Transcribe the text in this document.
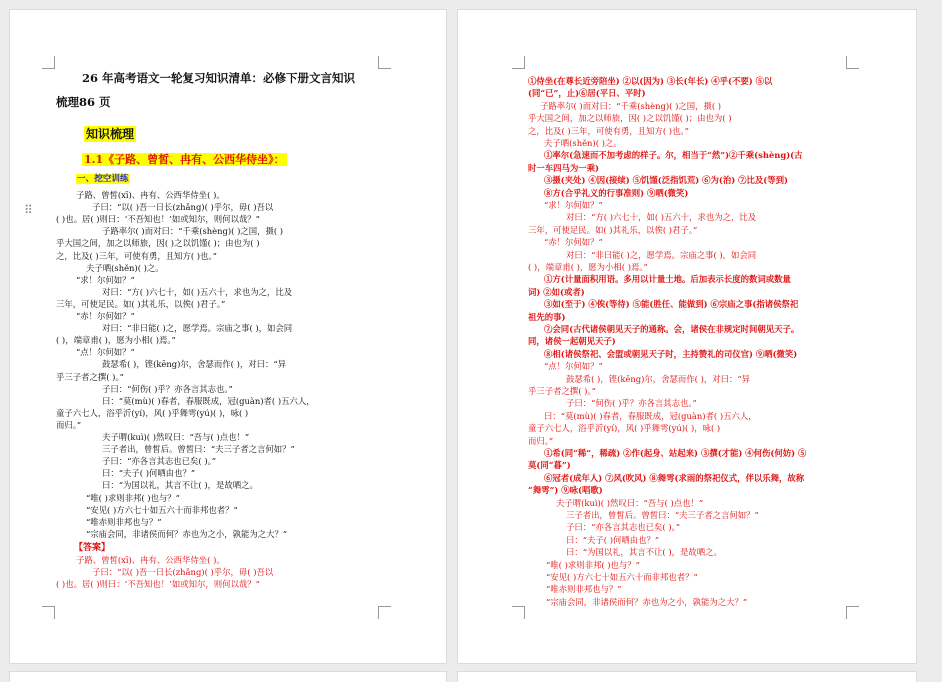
26 年高考语文一轮复习知识清单：必修下册文言知识
梳理86 页
知识梳理
1.1《子路、曾皙、冉有、公西华侍坐》：
一、挖空训练
子路、曾皙(xī)、冉有、公西华侍坐( )。
子曰：“以( )吾一日长(zhǎng)( )乎尔，毋( )吾以
( )也。居( )则曰：‘不吾知也！’如或知尔，则何以哉？”
子路率尔( )而对曰：“千乘(shèng)( )之国，摄( )
乎大国之间，加之以师旅，因( )之以饥馑( )；由也为( )
之，比及( )三年，可使有勇，且知方( )也。”
夫子哂(shěn)( )之。
“求！尔何如？”
对曰：“方( )六七十，如( )五六十，求也为之，比及
三年，可使足民。如( )其礼乐，以俟( )君子。”
“赤！尔何如？”
对曰：“非曰能( )之，愿学焉。宗庙之事( )，如会同
( )，端章甫( )，愿为小相( )焉。”
“点！尔何如？”
鼓瑟希( )，铿(kēng)尔，舍瑟而作( )，对曰：“异
乎三子者之撰( )。”
子曰：“何伤( )乎？亦各言其志也。”
曰：“莫(mù)( )春者，春服既成，冠(guàn)者( )五六人，
童子六七人，浴乎沂(yí)，风( )乎舞雩(yú)( )，咏( )
而归。”
夫子喟(kuì)( )然叹曰：“吾与( )点也！”
三子者出，曾皙后。曾皙曰：“夫三子者之言何如？”
子曰：“亦各言其志也已矣( )。”
曰：“夫子( )何哂由也？”
曰：“为国以礼，其言不让( )，是故哂之。
“唯( )求则非邦( )也与？”
“安见( )方六七十如五六十而非邦也者？”
“唯赤则非邦也与？”
“宗庙会同，非诸侯而何？赤也为之小，孰能为之大？”
【答案】
子路、曾皙(xī)、冉有、公西华侍坐( )。
子曰：“以( )吾一日长(zhǎng)( )乎尔，毋( )吾以
( )也。居( )则曰：‘不吾知也！’如或知尔，则何以哉？”
①侍坐(在尊长近旁陪坐) ②以(因为) ③长(年长) ④乎(不要) ⑤以
(同“已”，止)⑥居(平日、平时)
子路率尔( )而对曰：“千乘(shèng)( )之国，摄( )
乎大国之间，加之以师旅，因( )之以饥馑( )；由也为( )
之，比及( )三年，可使有勇，且知方( )也。”
夫子哂(shěn)( )之。
①率尔(急速而不加考虑的样子。尔，相当于“然”)②千乘(shèng)(古
时一车四马为一乘)
③摄(夹处) ④因(接续) ⑤饥馑(泛指饥荒) ⑥为(治) ⑦比及(等到)
⑧方(合乎礼义的行事准则) ⑨哂(微笑)
“求！尔何如？”
对曰：“方( )六七十，如( )五六十，求也为之，比及
三年，可使足民。如( )其礼乐，以俟( )君子。”
“赤！尔何如？”
对曰：“非曰能( )之，愿学焉。宗庙之事( )，如会同
( )，端章甫( )，愿为小相( )焉。”
①方(计量面积用语。多用以计量土地。后加表示长度的数词或数量
词) ②如(或者)
③如(至于) ④俟(等待) ⑤能(胜任、能做到) ⑥宗庙之事(指诸侯祭祀
祖先的事)
⑦会同(古代诸侯朝见天子的通称。会，诸侯在非规定时间朝见天子。
同，诸侯一起朝见天子)
⑧相(诸侯祭祀、会盟或朝见天子时，主持赞礼的司仪官) ⑨哂(微笑)
“点！尔何如？”
鼓瑟希( )，铿(kēng)尔，舍瑟而作( )，对曰：“异
乎三子者之撰( )。”
子曰：“何伤( )乎？亦各言其志也。”
曰：“莫(mù)( )春者，春服既成，冠(guàn)者( )五六人，
童子六七人，浴乎沂(yí)，风( )乎舞雩(yú)( )，咏( )
而归。”
①希(同“稀”，稀疏) ②作(起身、站起来) ③撰(才能) ④何伤(何妨) ⑤
莫(同“暮”)
⑥冠者(成年人) ⑦风(吹风) ⑧舞雩(求雨的祭祀仪式，伴以乐舞，故称
“舞雩”) ⑨咏(唱歌)
夫子喟(kuì)( )然叹曰：“吾与( )点也！”
三子者出，曾皙后。曾皙曰：“夫三子者之言何如？”
子曰：“亦各言其志也已矣( )。”
曰：“夫子( )何哂由也？”
曰：“为国以礼，其言不让( )，是故哂之。
“唯( )求则非邦( )也与？”
“安见( )方六七十如五六十而非邦也者？”
“唯赤则非邦也与？”
“宗庙会同，非诸侯而何？赤也为之小，孰能为之大？”
⠿
